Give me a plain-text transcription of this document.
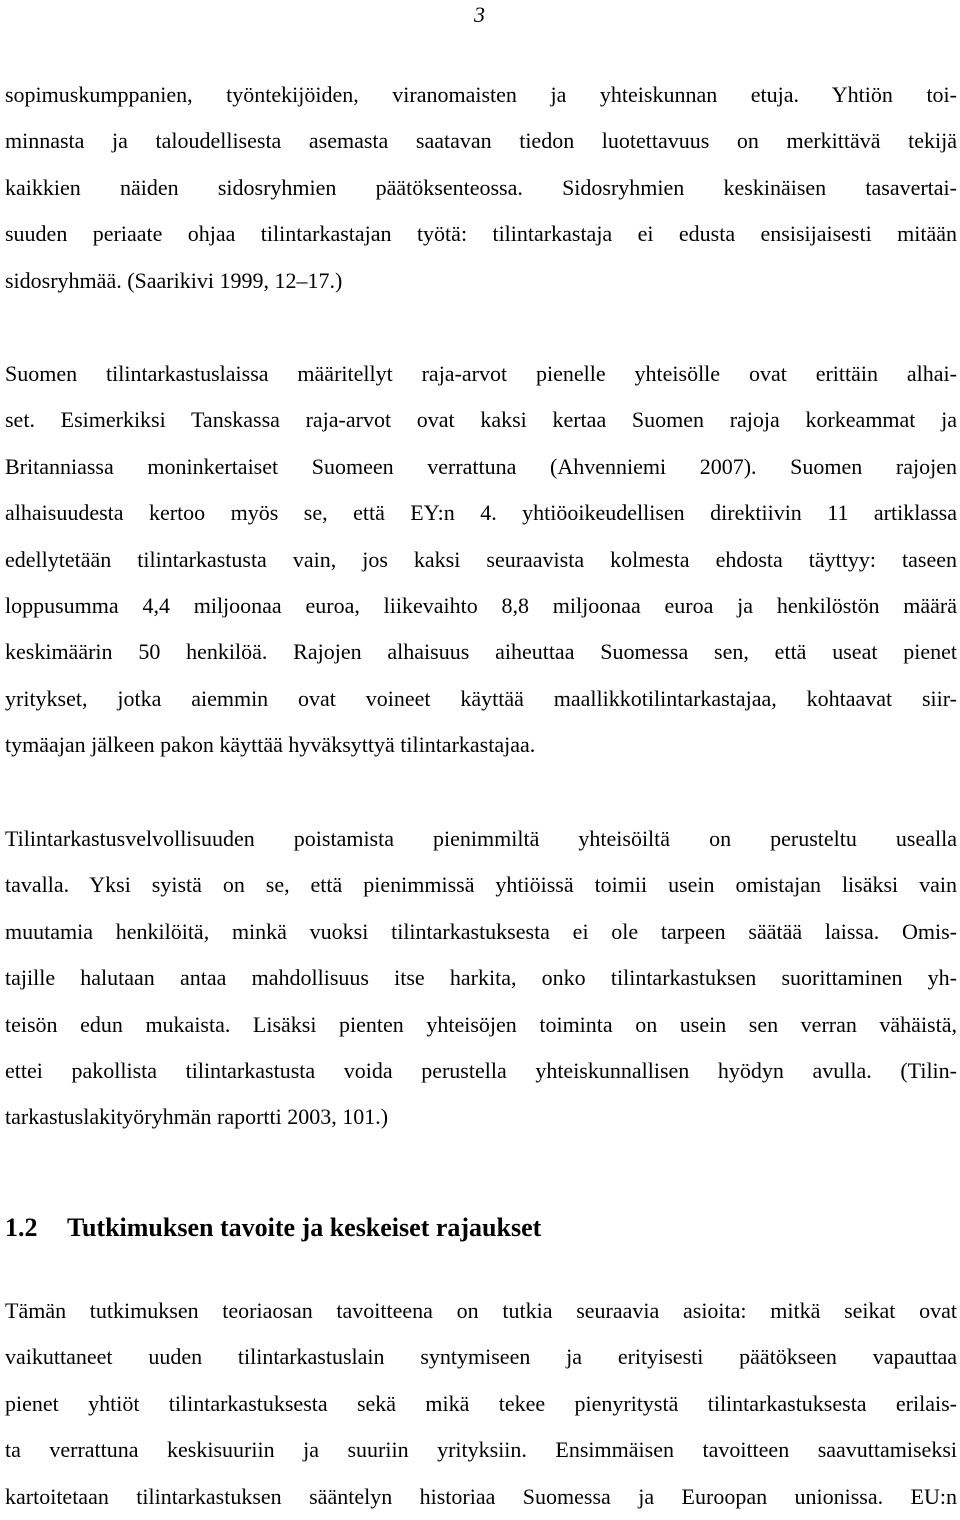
3

sopimuskumppanien, työntekijöiden, viranomaisten ja yhteiskunnan etuja. Yhtiön toi-
minnasta ja taloudellisesta asemasta saatavan tiedon luotettavuus on merkittävä tekijä
kaikkien näiden sidosryhmien päätöksenteossa. Sidosryhmien keskinäisen tasavertai-
suuden periaate ohjaa tilintarkastajan työtä: tilintarkastaja ei edusta ensisijaisesti mitään
sidosryhmää. (Saarikivi 1999, 12–17.)

Suomen tilintarkastuslaissa määritellyt raja-arvot pienelle yhteisölle ovat erittäin alhai-
set. Esimerkiksi Tanskassa raja-arvot ovat kaksi kertaa Suomen rajoja korkeammat ja
Britanniassa moninkertaiset Suomeen verrattuna (Ahvenniemi 2007). Suomen rajojen
alhaisuudesta kertoo myös se, että EY:n 4. yhtiöoikeudellisen direktiivin 11 artiklassa
edellytetään tilintarkastusta vain, jos kaksi seuraavista kolmesta ehdosta täyttyy: taseen
loppusumma 4,4 miljoonaa euroa, liikevaihto 8,8 miljoonaa euroa ja henkilöstön määrä
keskimäärin 50 henkilöä. Rajojen alhaisuus aiheuttaa Suomessa sen, että useat pienet
yritykset, jotka aiemmin ovat voineet käyttää maallikkotilintarkastajaa, kohtaavat siir-
tymäajan jälkeen pakon käyttää hyväksyttyä tilintarkastajaa.

Tilintarkastusvelvollisuuden poistamista pienimmiltä yhteisöiltä on perusteltu usealla
tavalla. Yksi syistä on se, että pienimmissä yhtiöissä toimii usein omistajan lisäksi vain
muutamia henkilöitä, minkä vuoksi tilintarkastuksesta ei ole tarpeen säätää laissa. Omis-
tajille halutaan antaa mahdollisuus itse harkita, onko tilintarkastuksen suorittaminen yh-
teisön edun mukaista. Lisäksi pienten yhteisöjen toiminta on usein sen verran vähäistä,
ettei pakollista tilintarkastusta voida perustella yhteiskunnallisen hyödyn avulla. (Tilin-
tarkastuslakityöryhmän raportti 2003, 101.)

1.2 Tutkimuksen tavoite ja keskeiset rajaukset

Tämän tutkimuksen teoriaosan tavoitteena on tutkia seuraavia asioita: mitkä seikat ovat
vaikuttaneet uuden tilintarkastuslain syntymiseen ja erityisesti päätökseen vapauttaa
pienet yhtiöt tilintarkastuksesta sekä mikä tekee pienyritystä tilintarkastuksesta erilais-
ta verrattuna keskisuuriin ja suuriin yrityksiin. Ensimmäisen tavoitteen saavuttamiseksi
kartoitetaan tilintarkastuksen sääntelyn historiaa Suomessa ja Euroopan unionissa. EU:n
